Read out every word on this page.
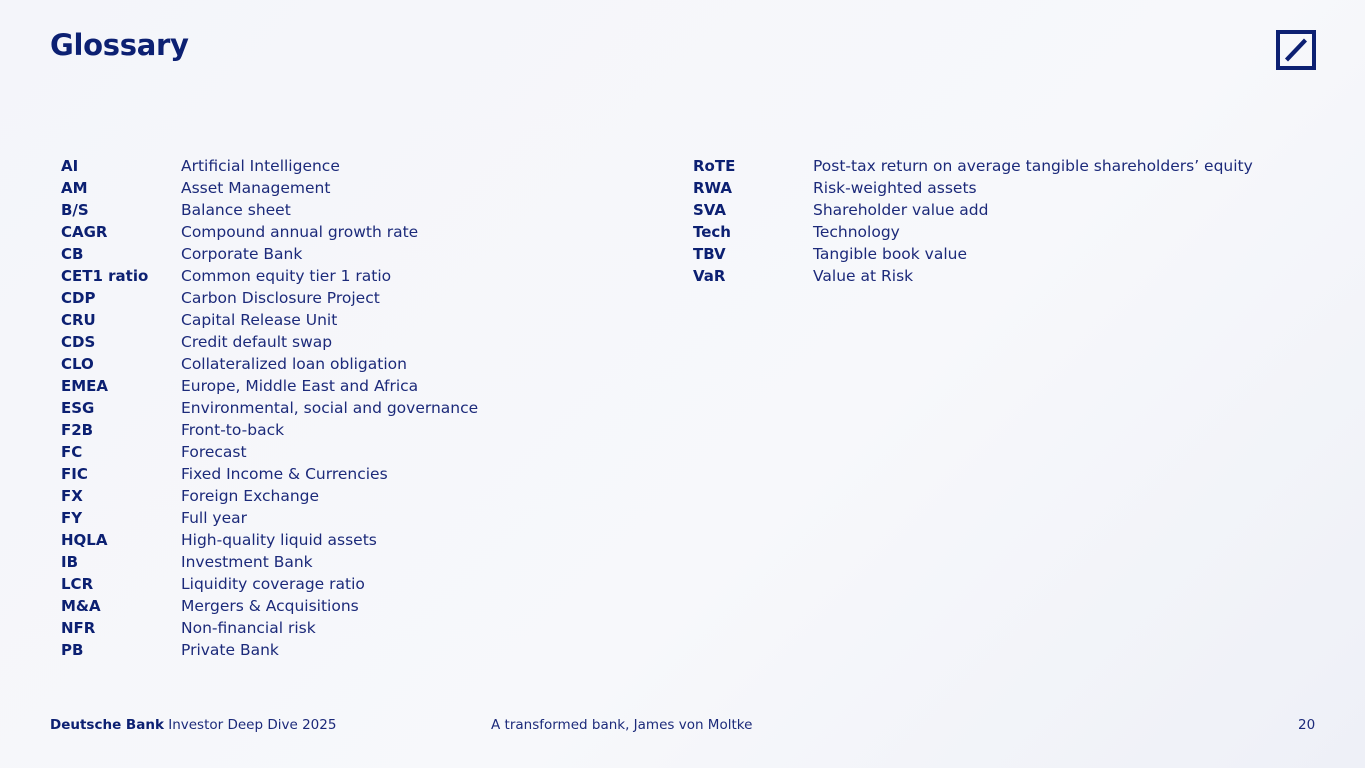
Glossary
AI	Artificial Intelligence
AM	Asset Management
B/S	Balance sheet
CAGR	Compound annual growth rate
CB	Corporate Bank
CET1 ratio	Common equity tier 1 ratio
CDP	Carbon Disclosure Project
CRU	Capital Release Unit
CDS	Credit default swap
CLO	Collateralized loan obligation
EMEA	Europe, Middle East and Africa
ESG	Environmental, social and governance
F2B	Front-to-back
FC	Forecast
FIC	Fixed Income & Currencies
FX	Foreign Exchange
FY	Full year
HQLA	High-quality liquid assets
IB	Investment Bank
LCR	Liquidity coverage ratio
M&A	Mergers & Acquisitions
NFR	Non-financial risk
PB	Private Bank
RoTE	Post-tax return on average tangible shareholders’ equity
RWA	Risk-weighted assets
SVA	Shareholder value add
Tech	Technology
TBV	Tangible book value
VaR	Value at Risk
Deutsche Bank Investor Deep Dive 2025	A transformed bank, James von Moltke	20
